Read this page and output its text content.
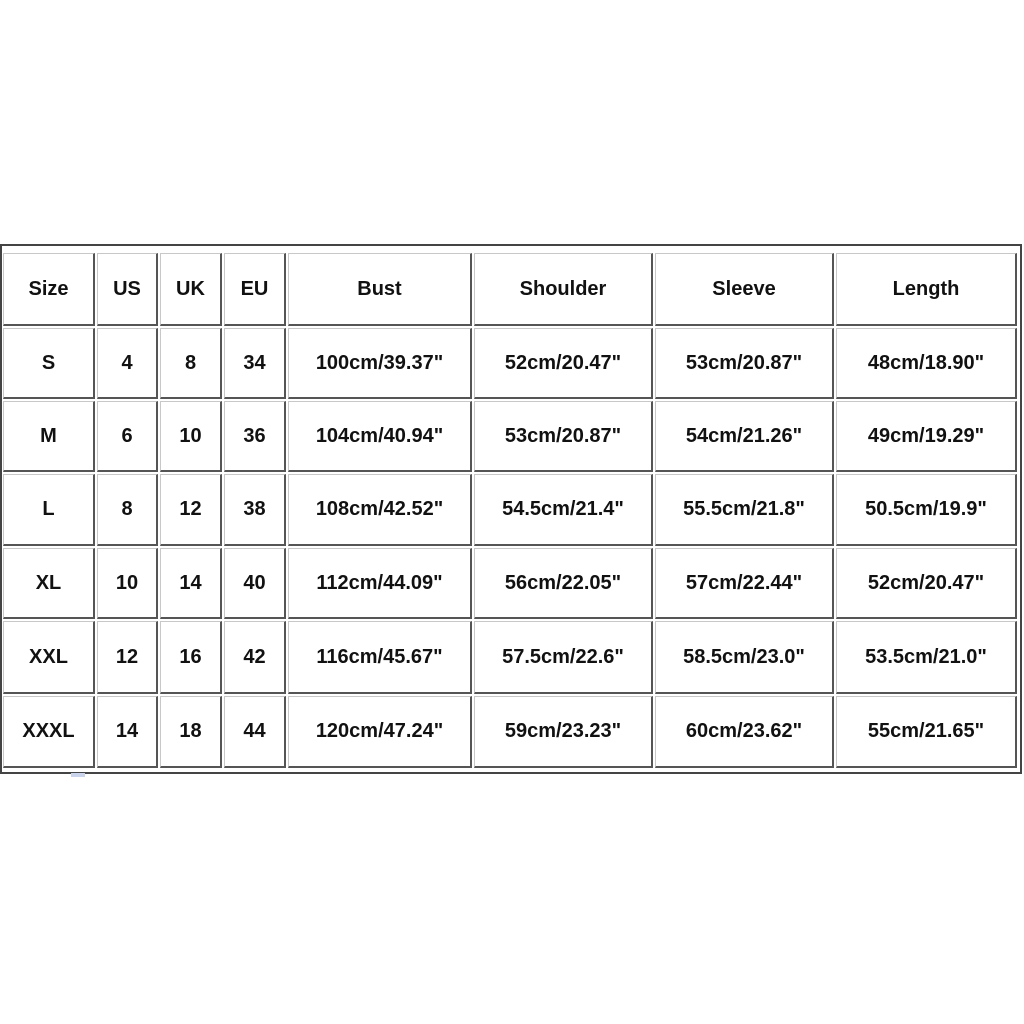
Size	US	UK	EU	Bust	Shoulder	Sleeve	Length
S	4	8	34	100cm/39.37"	52cm/20.47"	53cm/20.87"	48cm/18.90"
M	6	10	36	104cm/40.94"	53cm/20.87"	54cm/21.26"	49cm/19.29"
L	8	12	38	108cm/42.52"	54.5cm/21.4"	55.5cm/21.8"	50.5cm/19.9"
XL	10	14	40	112cm/44.09"	56cm/22.05"	57cm/22.44"	52cm/20.47"
XXL	12	16	42	116cm/45.67"	57.5cm/22.6"	58.5cm/23.0"	53.5cm/21.0"
XXXL	14	18	44	120cm/47.24"	59cm/23.23"	60cm/23.62"	55cm/21.65"
